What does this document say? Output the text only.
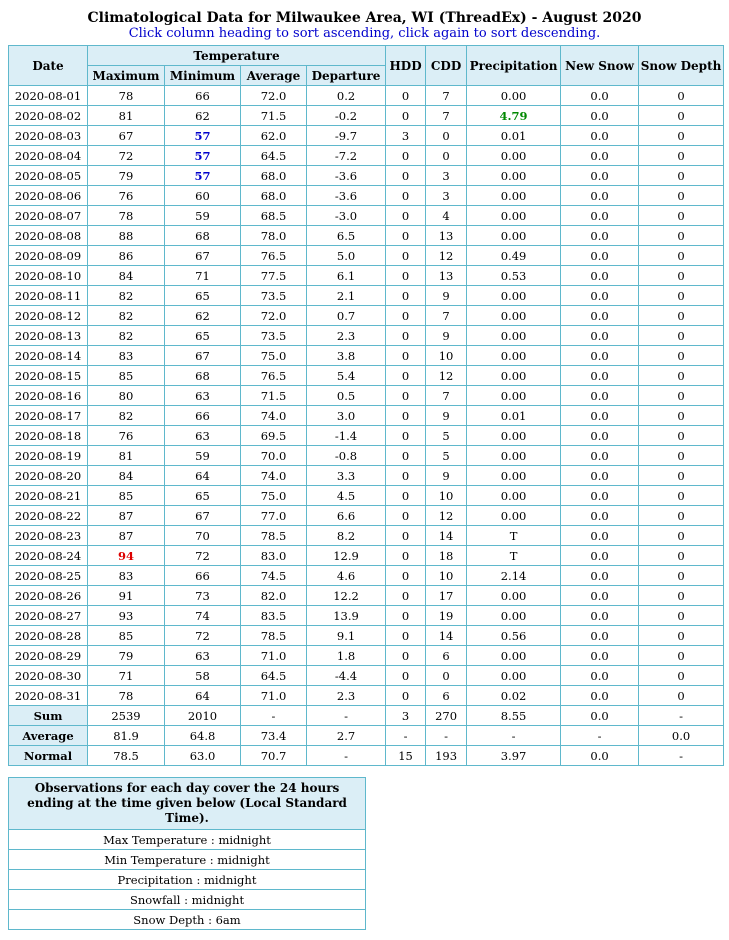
Climatological Data for Milwaukee Area, WI (ThreadEx) - August 2020
Click column heading to sort ascending, click again to sort descending.
Date	Temperature				HDD	CDD	Precipitation	New Snow	Snow Depth
	Maximum	Minimum	Average	Departure					
2020-08-01	78	66	72.0	0.2	0	7	0.00	0.0	0
2020-08-02	81	62	71.5	-0.2	0	7	4.79	0.0	0
2020-08-03	67	57	62.0	-9.7	3	0	0.01	0.0	0
2020-08-04	72	57	64.5	-7.2	0	0	0.00	0.0	0
2020-08-05	79	57	68.0	-3.6	0	3	0.00	0.0	0
2020-08-06	76	60	68.0	-3.6	0	3	0.00	0.0	0
2020-08-07	78	59	68.5	-3.0	0	4	0.00	0.0	0
2020-08-08	88	68	78.0	6.5	0	13	0.00	0.0	0
2020-08-09	86	67	76.5	5.0	0	12	0.49	0.0	0
2020-08-10	84	71	77.5	6.1	0	13	0.53	0.0	0
2020-08-11	82	65	73.5	2.1	0	9	0.00	0.0	0
2020-08-12	82	62	72.0	0.7	0	7	0.00	0.0	0
2020-08-13	82	65	73.5	2.3	0	9	0.00	0.0	0
2020-08-14	83	67	75.0	3.8	0	10	0.00	0.0	0
2020-08-15	85	68	76.5	5.4	0	12	0.00	0.0	0
2020-08-16	80	63	71.5	0.5	0	7	0.00	0.0	0
2020-08-17	82	66	74.0	3.0	0	9	0.01	0.0	0
2020-08-18	76	63	69.5	-1.4	0	5	0.00	0.0	0
2020-08-19	81	59	70.0	-0.8	0	5	0.00	0.0	0
2020-08-20	84	64	74.0	3.3	0	9	0.00	0.0	0
2020-08-21	85	65	75.0	4.5	0	10	0.00	0.0	0
2020-08-22	87	67	77.0	6.6	0	12	0.00	0.0	0
2020-08-23	87	70	78.5	8.2	0	14	T	0.0	0
2020-08-24	94	72	83.0	12.9	0	18	T	0.0	0
2020-08-25	83	66	74.5	4.6	0	10	2.14	0.0	0
2020-08-26	91	73	82.0	12.2	0	17	0.00	0.0	0
2020-08-27	93	74	83.5	13.9	0	19	0.00	0.0	0
2020-08-28	85	72	78.5	9.1	0	14	0.56	0.0	0
2020-08-29	79	63	71.0	1.8	0	6	0.00	0.0	0
2020-08-30	71	58	64.5	-4.4	0	0	0.00	0.0	0
2020-08-31	78	64	71.0	2.3	0	6	0.02	0.0	0
Sum	2539	2010	-	-	3	270	8.55	0.0	-
Average	81.9	64.8	73.4	2.7	-	-	-	-	0.0
Normal	78.5	63.0	70.7	-	15	193	3.97	0.0	-
Observations for each day cover the 24 hours ending at the time given below (Local Standard Time).
Max Temperature : midnight
Min Temperature : midnight
Precipitation : midnight
Snowfall : midnight
Snow Depth : 6am
